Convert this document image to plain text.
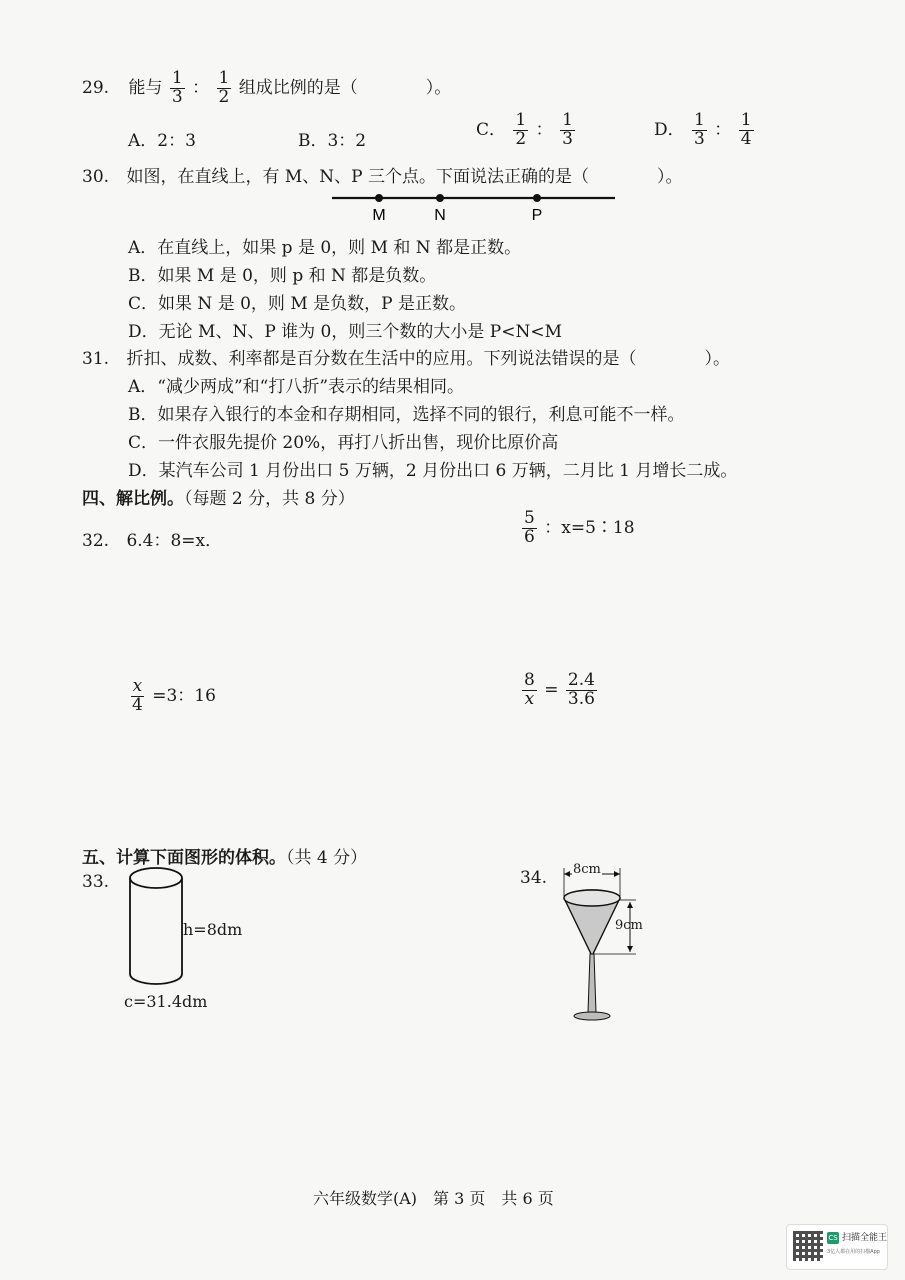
29. 能与 $\frac{1}{3}$ ： $\frac{1}{2}$ 组成比例的是（　　　　）。
A．2：3	B．3：2
C． $\frac{1}{2}$ ： $\frac{1}{3}$	D． $\frac{1}{3}$ ： $\frac{1}{4}$
30. 如图，在直线上，有 M、N、P 三个点。下面说法正确的是（　　　　）。
M	N	P
A．在直线上，如果 p 是 0，则 M 和 N 都是正数。
B．如果 M 是 0，则 p 和 N 都是负数。
C．如果 N 是 0，则 M 是负数，P 是正数。
D．无论 M、N、P 谁为 0，则三个数的大小是 P<N<M
31. 折扣、成数、利率都是百分数在生活中的应用。下列说法错误的是（　　　　）。
A．“减少两成”和“打八折”表示的结果相同。
B．如果存入银行的本金和存期相同，选择不同的银行，利息可能不一样。
C．一件衣服先提价 20%，再打八折出售，现价比原价高
D．某汽车公司 1 月份出口 5 万辆，2 月份出口 6 万辆，二月比 1 月增长二成。
四、解比例。（每题 2 分，共 8 分）
32. 6.4：8=x．	$\frac{5}{6}$ ：x=5∶18
$\frac{x}{4} =3$：16	$\frac{8}{x} = \frac{2.4}{3.6}$
五、计算下面图形的体积。（共 4 分）
33.
h=8dm
c=31.4dm
34. 8cm
9cm
六年级数学(A)　第 3 页　共 6 页
CS 扫描全能王
3亿人都在用的扫描App
